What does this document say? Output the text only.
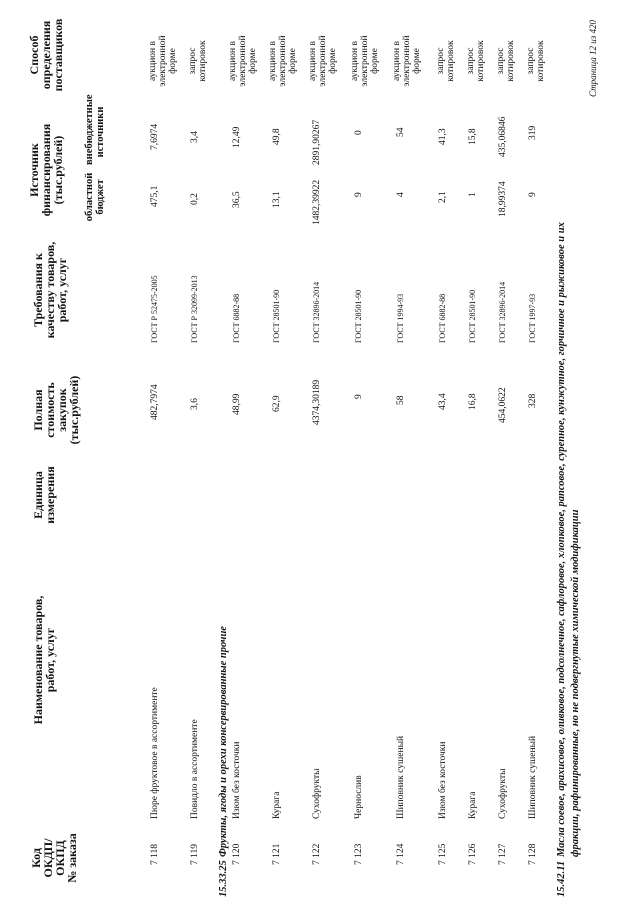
Код
ОКДП/
ОКПД
№ заказа
Наименование товаров,
работ, услуг
Единица
измерения
Полная
стоимость
закупок
(тыс.рублей)
Требования к
качеству товаров,
работ, услуг
Источник
финансирования
(тыс.рублей) областной бюджет
внебюджетные источники
Способ
определения
поставщиков
7 118
Пюре фруктовое в ассортименте
482,7974
ГОСТ Р 52475-2005
475,1
7,6974
аукцион в электронной форме
7 119
Повидло в ассортименте
3,6
ГОСТ Р 32099-2013
0,2
3,4
запрос котировок
15.33.25
Фрукты, ягоды и орехи консервированные прочие 7 120
Изюм без косточки
48,99
ГОСТ 6882-88
36,5
12,49
аукцион в электронной форме
7 121
Курага
62,9
ГОСТ 28501-90
13,1
49,8
аукцион в электронной форме
7 122
Сухофрукты
4374,30189
ГОСТ 32896-2014
1482,39922
2891,90267
аукцион в электронной форме
7 123
Чернослив
9
ГОСТ 28501-90
9
0
аукцион в электронной форме
7 124
Шиповник сушеный
58
ГОСТ 1994-93
4
54
аукцион в электронной форме
7 125
Изюм без косточки
43,4
ГОСТ 6882-88
2,1
41,3
запрос котировок
7 126
Курага
16,8
ГОСТ 28501-90
1
15,8
запрос котировок
7 127
Сухофрукты
454,0622
ГОСТ 32896-2014
18,99374
435,06846
запрос котировок
7 128
Шиповник сушеный
328
ГОСТ 1997-93
9
319
запрос котировок
15.42.11
Масла соевое, арахисовое, оливковое, подсолнечное, сафлоровое, хлопковое, рапсовое, сурепное, кунжутное, горчичное и рыжиковое и их фракции, рафинированные, но не подвергнутые химической модификации
Страница 12 из 420
